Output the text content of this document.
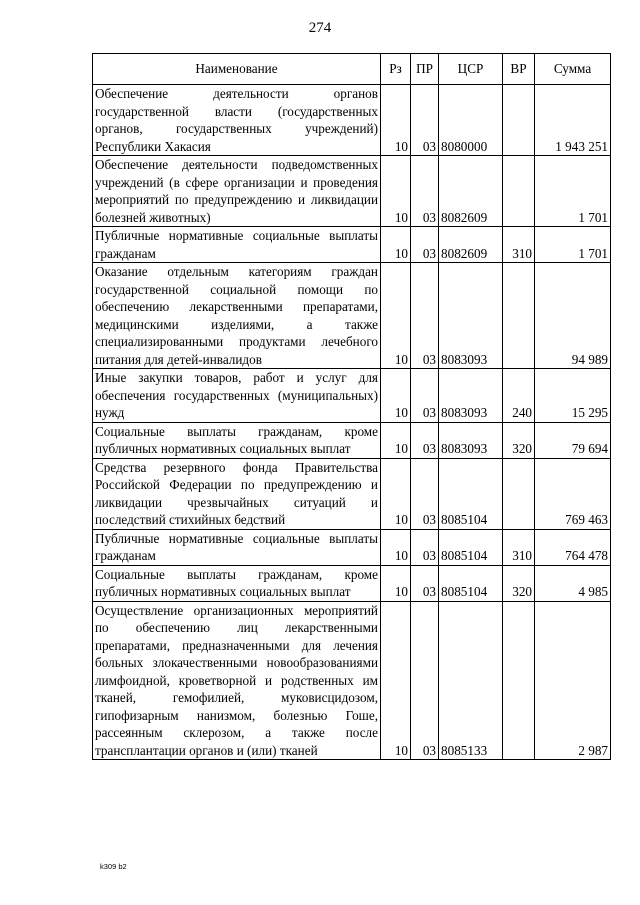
274
Наименование	Рз	ПР	ЦСР	ВР	Сумма
Обеспечение деятельности органов государственной власти (государственных органов, государственных учреждений) Республики Хакасия	10	03	8080000		1 943 251
Обеспечение деятельности подведомственных учреждений (в сфере организации и проведения мероприятий по предупреждению и ликвидации болезней животных)	10	03	8082609		1 701
Публичные нормативные социальные выплаты гражданам	10	03	8082609	310	1 701
Оказание отдельным категориям граждан государственной социальной помощи по обеспечению лекарственными препаратами, медицинскими изделиями, а также специализированными продуктами лечебного питания для детей-инвалидов	10	03	8083093		94 989
Иные закупки товаров, работ и услуг для обеспечения государственных (муниципальных) нужд	10	03	8083093	240	15 295
Социальные выплаты гражданам, кроме публичных нормативных социальных выплат	10	03	8083093	320	79 694
Средства резервного фонда Правительства Российской Федерации по предупреждению и ликвидации чрезвычайных ситуаций и последствий стихийных бедствий	10	03	8085104		769 463
Публичные нормативные социальные выплаты гражданам	10	03	8085104	310	764 478
Социальные выплаты гражданам, кроме публичных нормативных социальных выплат	10	03	8085104	320	4 985
Осуществление организационных мероприятий по обеспечению лиц лекарственными препаратами, предназначенными для лечения больных злокачественными новообразованиями лимфоидной, кроветворной и родственных им тканей, гемофилией, муковисцидозом, гипофизарным нанизмом, болезнью Гоше, рассеянным склерозом, а также после трансплантации органов и (или) тканей	10	03	8085133		2 987
k309 b2
